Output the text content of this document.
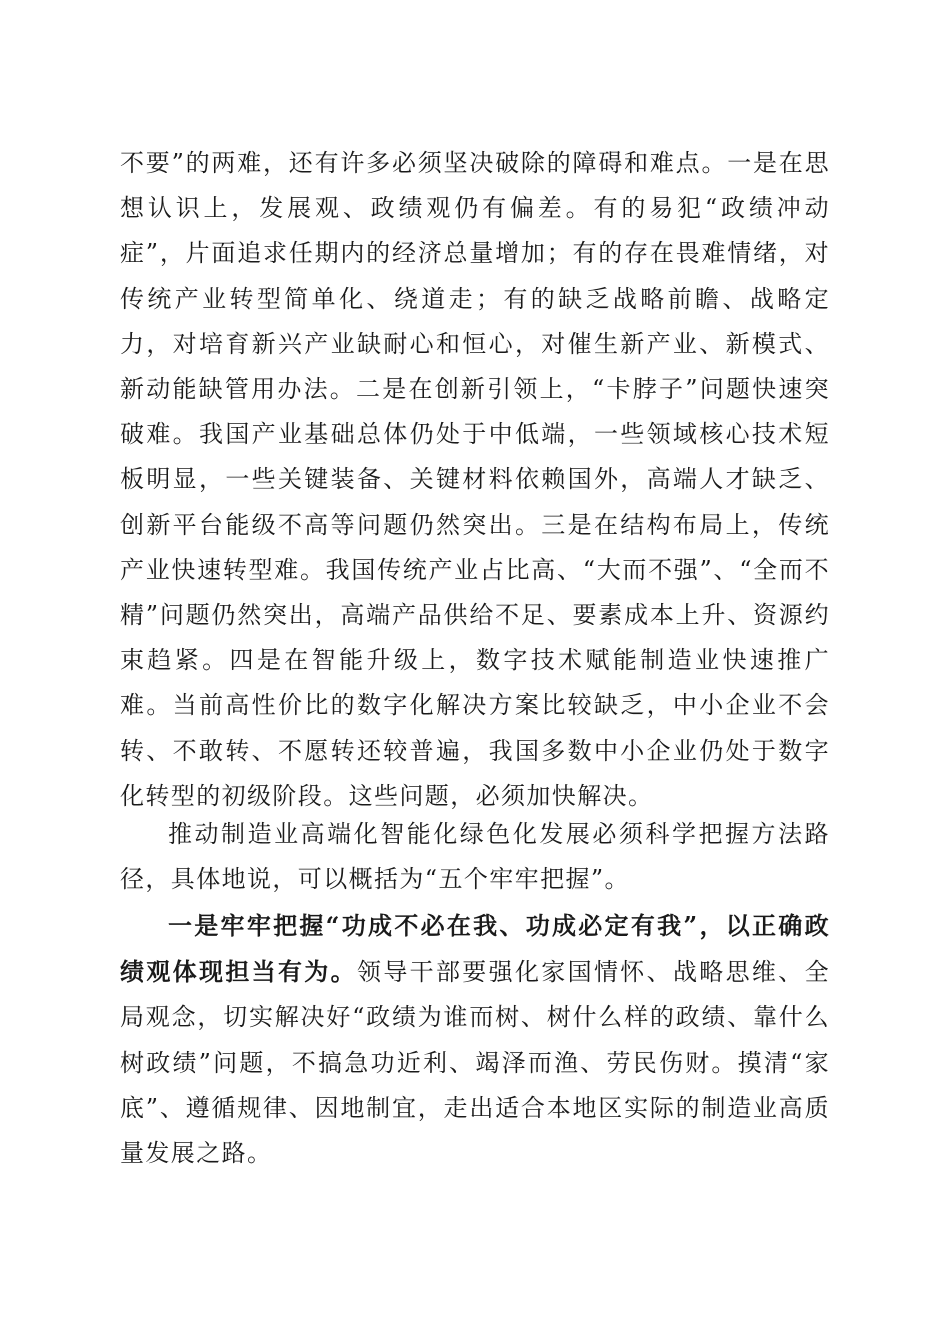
不要”的两难，还有许多必须坚决破除的障碍和难点。一是在思想认识上，发展观、政绩观仍有偏差。有的易犯“政绩冲动症”，片面追求任期内的经济总量增加；有的存在畏难情绪，对传统产业转型简单化、绕道走；有的缺乏战略前瞻、战略定力，对培育新兴产业缺耐心和恒心，对催生新产业、新模式、新动能缺管用办法。二是在创新引领上，“卡脖子”问题快速突破难。我国产业基础总体仍处于中低端，一些领域核心技术短板明显，一些关键装备、关键材料依赖国外，高端人才缺乏、创新平台能级不高等问题仍然突出。三是在结构布局上，传统产业快速转型难。我国传统产业占比高、“大而不强”、“全而不精”问题仍然突出，高端产品供给不足、要素成本上升、资源约束趋紧。四是在智能升级上，数字技术赋能制造业快速推广难。当前高性价比的数字化解决方案比较缺乏，中小企业不会转、不敢转、不愿转还较普遍，我国多数中小企业仍处于数字化转型的初级阶段。这些问题，必须加快解决。

推动制造业高端化智能化绿色化发展必须科学把握方法路径，具体地说，可以概括为“五个牢牢把握”。

一是牢牢把握“功成不必在我、功成必定有我”，以正确政绩观体现担当有为。领导干部要强化家国情怀、战略思维、全局观念，切实解决好“政绩为谁而树、树什么样的政绩、靠什么树政绩”问题，不搞急功近利、竭泽而渔、劳民伤财。摸清“家底”、遵循规律、因地制宜，走出适合本地区实际的制造业高质量发展之路。
